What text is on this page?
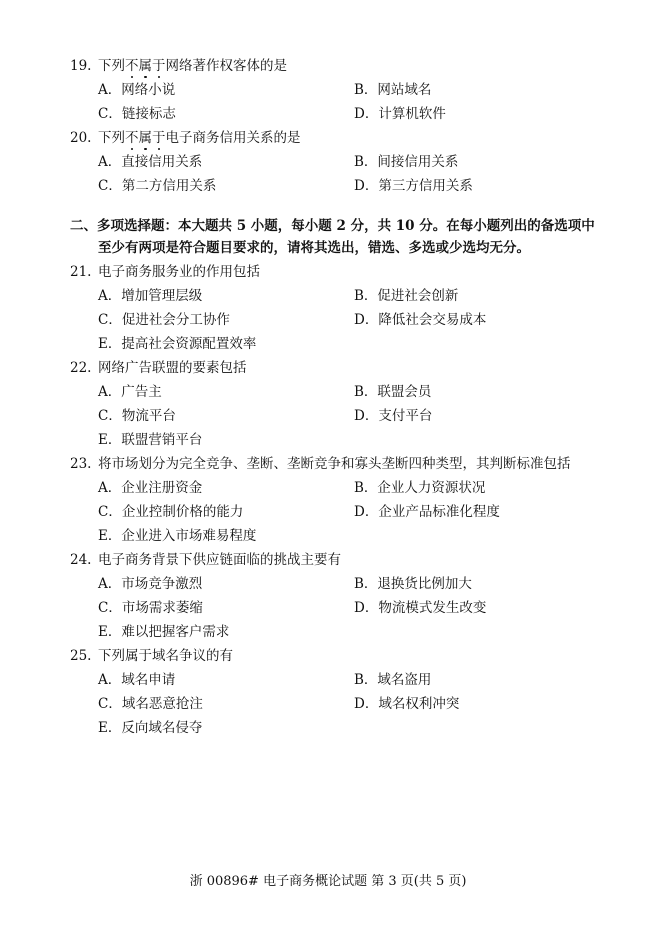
19. 下列不属于网络著作权客体的是
A．网络小说	B．网站域名
C．链接标志	D．计算机软件
20. 下列不属于电子商务信用关系的是
A．直接信用关系	B．间接信用关系
C．第二方信用关系	D．第三方信用关系
二、多项选择题：本大题共 5 小题，每小题 2 分，共 10 分。在每小题列出的备选项中
至少有两项是符合题目要求的，请将其选出，错选、多选或少选均无分。
21. 电子商务服务业的作用包括
A．增加管理层级	B．促进社会创新
C．促进社会分工协作	D．降低社会交易成本
E．提高社会资源配置效率
22. 网络广告联盟的要素包括
A．广告主	B．联盟会员
C．物流平台	D．支付平台
E．联盟营销平台
23. 将市场划分为完全竞争、垄断、垄断竞争和寡头垄断四种类型，其判断标准包括
A．企业注册资金	B．企业人力资源状况
C．企业控制价格的能力	D．企业产品标准化程度
E．企业进入市场难易程度
24. 电子商务背景下供应链面临的挑战主要有
A．市场竞争激烈	B．退换货比例加大
C．市场需求萎缩	D．物流模式发生改变
E．难以把握客户需求
25. 下列属于域名争议的有
A．域名申请	B．域名盗用
C．域名恶意抢注	D．域名权利冲突
E．反向域名侵夺
浙 00896# 电子商务概论试题 第 3 页(共 5 页)
